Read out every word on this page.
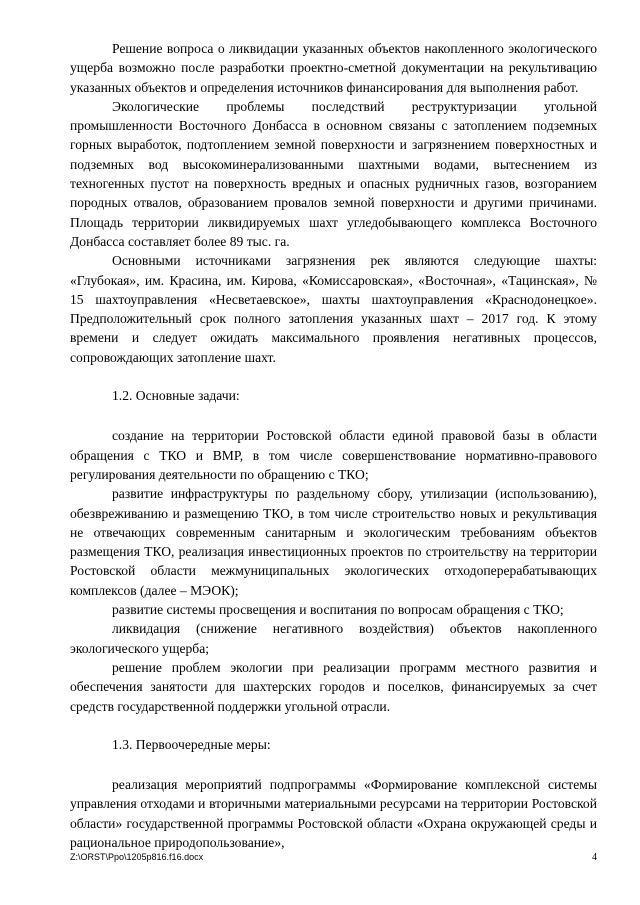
Решение вопроса о ликвидации указанных объектов накопленного экологического ущерба возможно после разработки проектно-сметной документации на рекультивацию указанных объектов и определения источников финансирования для выполнения работ.

Экологические проблемы последствий реструктуризации угольной промышленности Восточного Донбасса в основном связаны с затоплением подземных горных выработок, подтоплением земной поверхности и загрязнением поверхностных и подземных вод высокоминерализованными шахтными водами, вытеснением из техногенных пустот на поверхность вредных и опасных рудничных газов, возгоранием породных отвалов, образованием провалов земной поверхности и другими причинами. Площадь территории ликвидируемых шахт угледобывающего комплекса Восточного Донбасса составляет более 89 тыс. га.

Основными источниками загрязнения рек являются следующие шахты: «Глубокая», им. Красина, им. Кирова, «Комиссаровская», «Восточная», «Тацинская», № 15 шахтоуправления «Несветаевское», шахты шахтоуправления «Краснодонецкое». Предположительный срок полного затопления указанных шахт – 2017 год. К этому времени и следует ожидать максимального проявления негативных процессов, сопровождающих затопление шахт.

1.2. Основные задачи:

создание на территории Ростовской области единой правовой базы в области обращения с ТКО и ВМР, в том числе совершенствование нормативно-правового регулирования деятельности по обращению с ТКО;

развитие инфраструктуры по раздельному сбору, утилизации (использованию), обезвреживанию и размещению ТКО, в том числе строительство новых и рекультивация не отвечающих современным санитарным и экологическим требованиям объектов размещения ТКО, реализация инвестиционных проектов по строительству на территории Ростовской области межмуниципальных экологических отходоперерабатывающих комплексов (далее – МЭОК);

развитие системы просвещения и воспитания по вопросам обращения с ТКО;

ликвидация (снижение негативного воздействия) объектов накопленного экологического ущерба;

решение проблем экологии при реализации программ местного развития и обеспечения занятости для шахтерских городов и поселков, финансируемых за счет средств государственной поддержки угольной отрасли.

1.3. Первоочередные меры:

реализация мероприятий подпрограммы «Формирование комплексной системы управления отходами и вторичными материальными ресурсами на территории Ростовской области» государственной программы Ростовской области «Охрана окружающей среды и рациональное природопользование»,

Z:\ORST\Ppo\1205p816.f16.docx	4
